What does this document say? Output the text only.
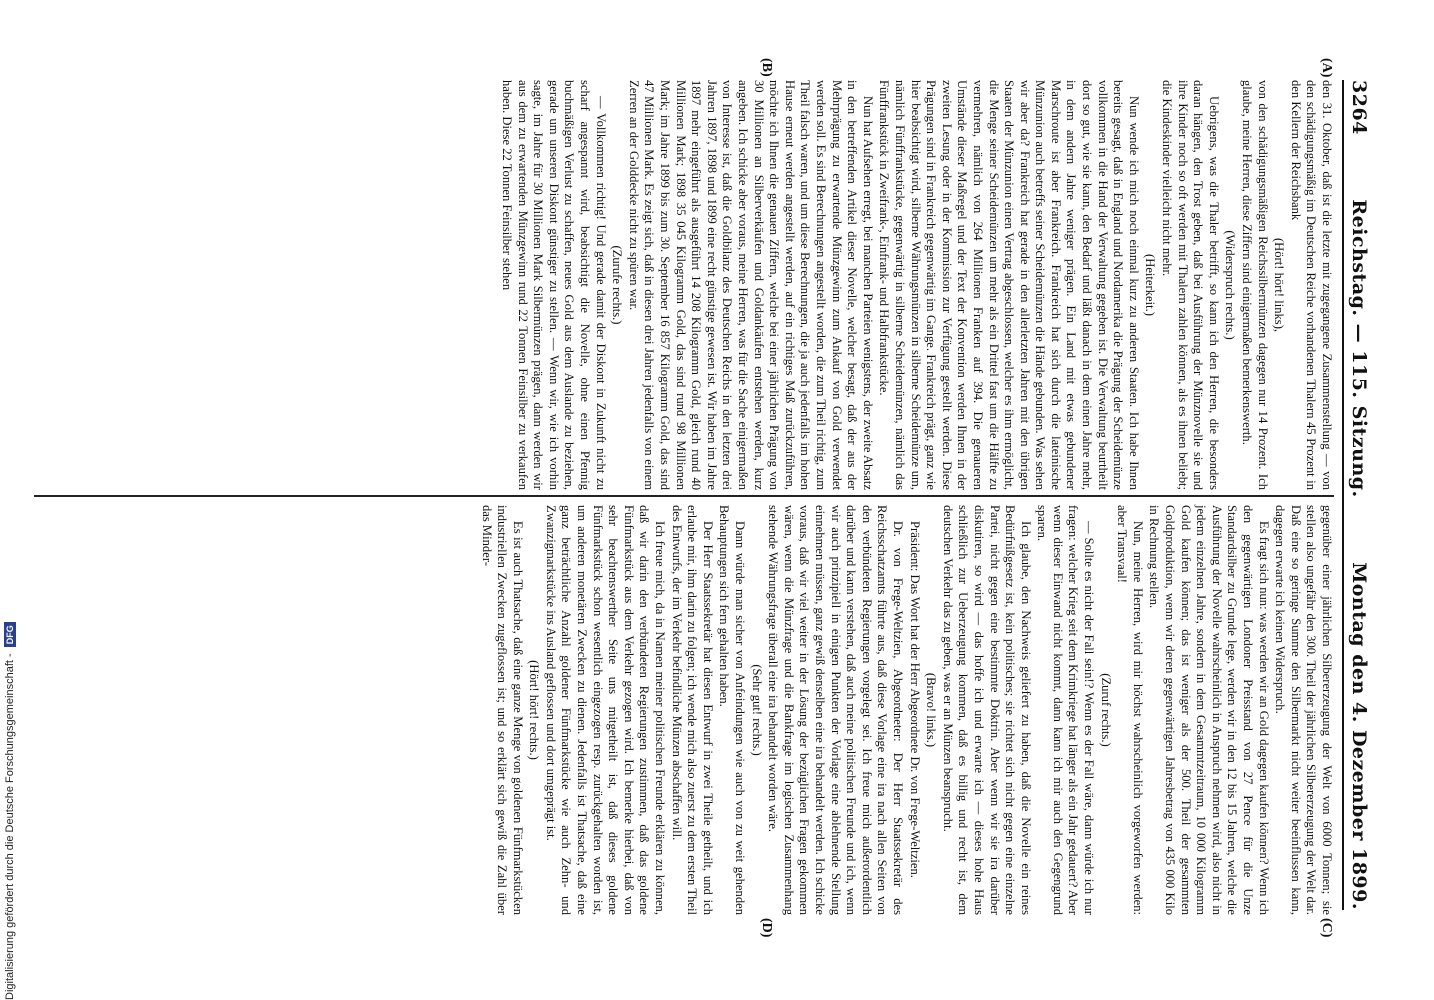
3264
Reichstag. — 115. Sitzung.
Montag den 4. Dezember 1899.
(A)
(B)
(C)
(D)

den 31. Oktober, daß ist die letzte mit zugegangene Zusammenstellung — von den schädigungsmäßig im Deutschen Reiche vorhandenen Thalern 45 Prozent in den Kellern der Reichsbank

(Hört! hört! links),

von den schädigungsmäßigen Reichssilbermünzen dagegen nur 14 Prozent. Ich glaube, meine Herren, diese Ziffern sind einigermaßen bemerkenswerth.

(Widerspruch rechts.)

Uebrigens, was die Thaler betrifft, so kann ich den Herren, die besonders daran hängen, den Trost geben, daß bei Ausführung der Münznovelle sie und ihre Kinder noch so oft werden mit Thalern zahlen können, als es ihnen beliebt; die Kindeskinder vielleicht nicht mehr.

(Heiterkeit.)

Nun wende ich mich noch einmal kurz zu anderen Staaten. Ich habe Ihnen bereits gesagt, daß in England und Nordamerika die Prägung der Scheidemünze vollkommen in die Hand der Verwaltung gegeben ist. Die Verwaltung beurtheilt dort so gut, wie sie kann, den Bedarf und läßt danach in dem einen Jahre mehr, in dem andern Jahre weniger prägen. Ein Land mit etwas gebundener Marschroute ist aber Frankreich. Frankreich hat sich durch die lateinische Münzunion auch betreffs seiner Scheidemünzen die Hände gebunden. Was sehen wir aber da? Frankreich hat gerade in den allerletzten Jahren mit den übrigen Staaten der Münzunion einen Vertrag abgeschlossen, welcher es ihm ermöglicht, die Menge seiner Scheidemünzen um mehr als ein Drittel fast um die Hälfte zu vermehren, nämlich von 264 Millionen Franken auf 394. Die genaueren Umstände dieser Maßregel und der Text der Konvention werden Ihnen in der zweiten Lesung oder in der Kommission zur Verfügung gestellt werden. Diese Prägungen sind in Frankreich gegenwärtig im Gange. Frankreich prägt, ganz wie hier beabsichtigt wird, silberne Währungsmünzen in silberne Scheidemünze um, nämlich Fünffrankstücke, gegenwärtig in silberne Scheidemünzen, nämlich das Fünffrankstück in Zweifrank-, Einfrank- und Halbfrankstücke.

Nun hat Aufsehen erregt, bei manchen Parteien wenigstens, der zweite Absatz in den betreffenden Artikel dieser Novelle, welcher besagt, daß der aus der Mehrprägung zu erwartende Münzgewinn zum Ankauf von Gold verwendet werden soll. Es sind Berechnungen angestellt worden, die zum Theil richtig, zum Theil falsch waren, und um diese Berechnungen, die ja auch jedenfalls im hohen Hause erneut werden angestellt werden, auf ein richtiges Maß zurückzuführen, möchte ich Ihnen die genauen Ziffern, welche bei einer jährlichen Prägung von 30 Millionen an Silberverkäufen und Goldankäufen entstehen werden, kurz angeben. Ich schicke aber voraus, meine Herren, was für die Sache einigermaßen von Interesse ist, daß die Goldbilanz des Deutschen Reichs in den letzten drei Jahren 1897, 1898 und 1899 eine recht günstige gewesen ist. Wir haben im Jahre 1897 mehr eingeführt als ausgeführt 14 208 Kilogramm Gold, gleich rund 40 Millionen Mark; 1898 35 045 Kilogramm Gold, das sind rund 98 Millionen Mark; im Jahre 1899 bis zum 30. September 16 857 Kilogramm Gold, das sind 47 Millionen Mark. Es zeigt sich, daß in diesen drei Jahren jedenfalls von einem Zerren an der Golddecke nicht zu spüren war.

(Zurufe rechts.)

— Vollkommen richtig! Und gerade damit der Diskont in Zukunft nicht zu scharf angespannt wird, beabsichtigt die Novelle, ohne einen Pfennig buchmäßigen Verlust zu schaffen, neues Gold aus dem Auslande zu beziehen, gerade um unseren Diskont günstiger zu stellen. — Wenn wir, wie ich vorhin sagte, im Jahre für 30 Millionen Mark Silbermünzen prägen, dann werden wir aus dem zu erwartenden Münzgewinn rund 22 Tonnen Feinsilber zu verkaufen haben. Diese 22 Tonnen Feinsilber stehen

gegenüber einer jährlichen Silbererzeugung der Welt von 6000 Tonnen; sie stellen also ungefähr den 300. Theil der jährlichen Silbererzeugung der Welt dar. Daß eine so geringe Summe den Silbermarkt nicht weiter beeinflussen kann, dagegen erwarte ich keinen Widerspruch.

Es fragt sich nun: was werden wir an Gold dagegen kaufen können? Wenn ich den gegenwärtigen Londoner Preisstand von 27 Pence für die Unze Standardsilber zu Grunde lege, werden wir in den 12 bis 15 Jahren, welche die Ausführung der Novelle wahrscheinlich in Anspruch nehmen wird, also nicht in jedem einzelnen Jahre, sondern in dem Gesammtzeitraum, 10 000 Kilogramm Gold kaufen können; das ist weniger als der 500. Theil der gesammten Goldproduktion, wenn wir deren gegenwärtigen Jahresbetrag von 435 000 Kilo in Rechnung stellen.

Nun, meine Herren, wird mir höchst wahrscheinlich vorgeworfen werden: aber Transvaal!

(Zuruf rechts.)

— Sollte es nicht der Fall sein!? Wenn es der Fall wäre, dann würde ich nur fragen: welcher Krieg seit dem Krimkriege hat länger als ein Jahr gedauert? Aber wenn dieser Einwand nicht kommt, dann kann ich mir auch den Gegengrund sparen.

Ich glaube, den Nachweis geliefert zu haben, daß die Novelle ein reines Bedürfnißgesetz ist, kein politisches; sie richtet sich nicht gegen eine einzelne Partei, nicht gegen eine bestimmte Doktrin. Aber wenn wir sie ira darüber diskutiren, so wird — das hoffe ich und erwarte ich — dieses hohe Haus schließlich zur Ueberzeugung kommen, daß es billig und recht ist, dem deutschen Verkehr das zu geben, was er an Münzen beansprucht.

(Bravo! links.)

Präsident: Das Wort hat der Herr Abgeordnete Dr. von Frege-Weltzien.

Dr. von Frege-Weltzien, Abgeordneter: Der Herr Staatssekretär des Reichsschatzamts führte aus, daß diese Vorlage eine ira nach allen Seiten von den verbündeten Regierungen vorgelegt sei. Ich freue mich außerordentlich darüber und kann verstehen, daß auch meine politischen Freunde und ich, wenn wir auch prinzipiell in einigen Punkten der Vorlage eine ablehnende Stellung einnehmen müssen, ganz gewiß denselben eine ira behandelt werden. Ich schicke voraus, daß wir viel weiter in der Lösung der bezüglichen Fragen gekommen wären, wenn die Münzfrage und die Bankfrage im logischen Zusammenhang stehende Währungsfrage überall eine ira behandelt worden wäre.

(Sehr gut! rechts.)

Dann würde man sicher von Anfeindungen wie auch von zu weit gehenden Behauptungen sich fern gehalten haben.

Der Herr Staatssekretär hat diesen Entwurf in zwei Theile getheilt, und ich erlaube mir, ihm darin zu folgen; ich wende mich also zuerst zu dem ersten Theil des Entwurfs, der im Verkehr befindliche Münzen abschaffen will.

Ich freue mich, da in Namen meiner politischen Freunde erklären zu können, daß wir darin den verbündeten Regierungen zustimmen, daß das goldene Fünfmarkstück aus dem Verkehr gezogen wird. Ich bemerke hierbei, daß von sehr beachtenswerther Seite uns mitgetheilt ist, daß dieses goldene Fünfmarkstück schon wesentlich eingezogen resp. zurückgehalten worden ist, um anderen monetären Zwecken zu dienen. Jedenfalls ist Thatsache, daß eine ganz beträchtliche Anzahl goldener Fünfmarkstücke wie auch Zehn- und Zwanzigmarkstücke ins Ausland geflossen und dort umgeprägt ist.

(Hört! hört! rechts.)

Es ist auch Thatsache, daß eine ganze Menge von goldenen Fünfmarkstücken industriellen Zwecken zugeflossen ist; und so erklärt sich gewiß die Zahl über das Minder-

Digitalisierung gefördert durch die Deutsche Forschungsgemeinschaft - DFG
